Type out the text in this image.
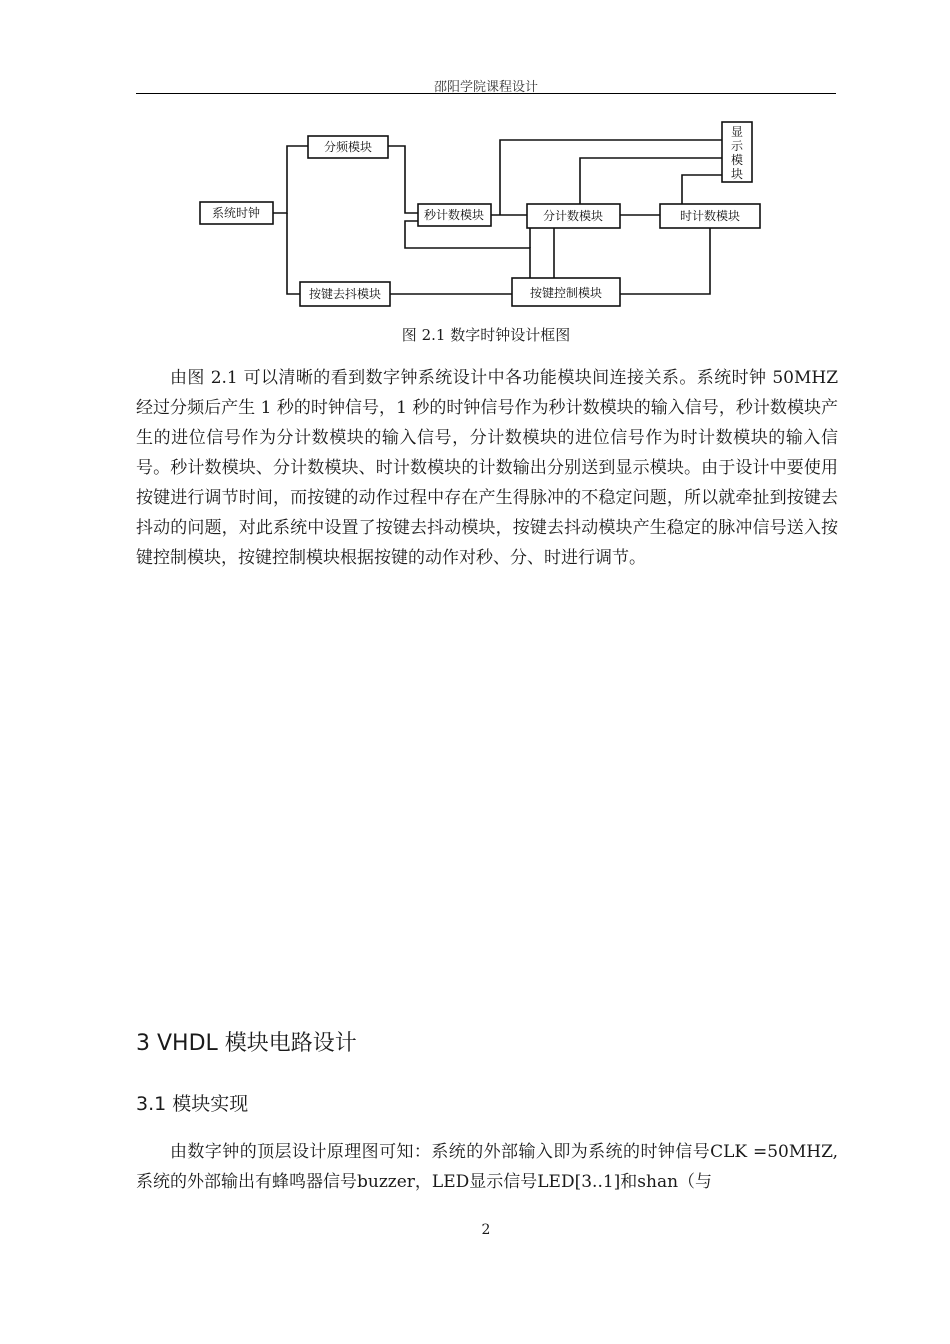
邵阳学院课程设计
系统时钟
分频模块
秒计数模块	分计数模块	时计数模块
按键去抖模块	按键控制模块
显示模块
图 2.1 数字时钟设计框图

由图 2.1 可以清晰的看到数字钟系统设计中各功能模块间连接关系。系统时钟 50MHZ 经过分频后产生 1 秒的时钟信号，1 秒的时钟信号作为秒计数模块的输入信号，秒计数模块产生的进位信号作为分计数模块的输入信号，分计数模块的进位信号作为时计数模块的输入信号。秒计数模块、分计数模块、时计数模块的计数输出分别送到显示模块。由于设计中要使用按键进行调节时间，而按键的动作过程中存在产生得脉冲的不稳定问题，所以就牵扯到按键去抖动的问题，对此系统中设置了按键去抖动模块，按键去抖动模块产生稳定的脉冲信号送入按键控制模块，按键控制模块根据按键的动作对秒、分、时进行调节。

3 VHDL 模块电路设计
3.1 模块实现

由数字钟的顶层设计原理图可知：系统的外部输入即为系统的时钟信号CLK =50MHZ,系统的外部输出有蜂鸣器信号buzzer，LED显示信号LED[3..1]和shan（与

2
